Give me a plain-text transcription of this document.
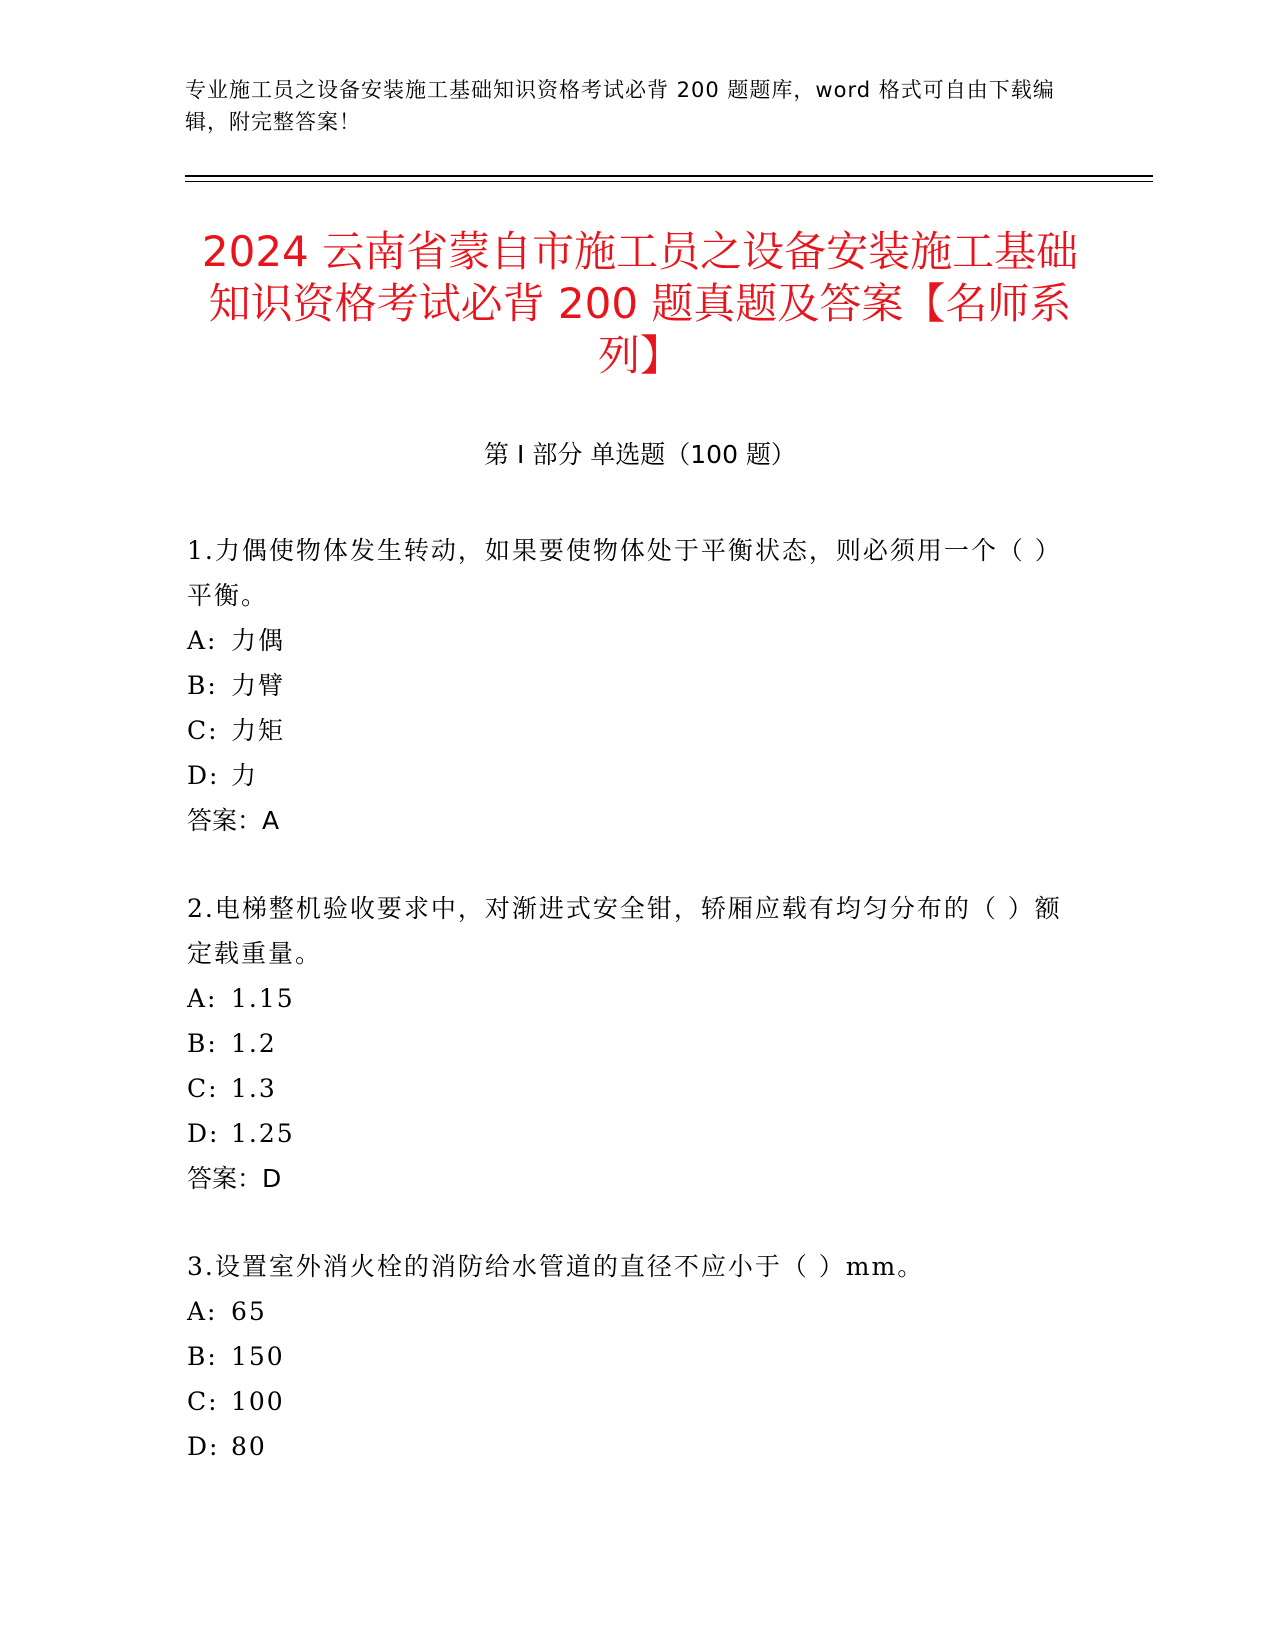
专业施工员之设备安装施工基础知识资格考试必背 200 题题库，word 格式可自由下载编辑，附完整答案！
2024 云南省蒙自市施工员之设备安装施工基础知识资格考试必背 200 题真题及答案【名师系列】
第 I 部分 单选题（100 题）
1.力偶使物体发生转动，如果要使物体处于平衡状态，则必须用一个（ ）平衡。
A: 力偶
B: 力臂
C: 力矩
D: 力
答案：A
2.电梯整机验收要求中，对渐进式安全钳，轿厢应载有均匀分布的（ ）额定载重量。
A: 1.15
B: 1.2
C: 1.3
D: 1.25
答案：D
3.设置室外消火栓的消防给水管道的直径不应小于（ ）mm。
A: 65
B: 150
C: 100
D: 80
